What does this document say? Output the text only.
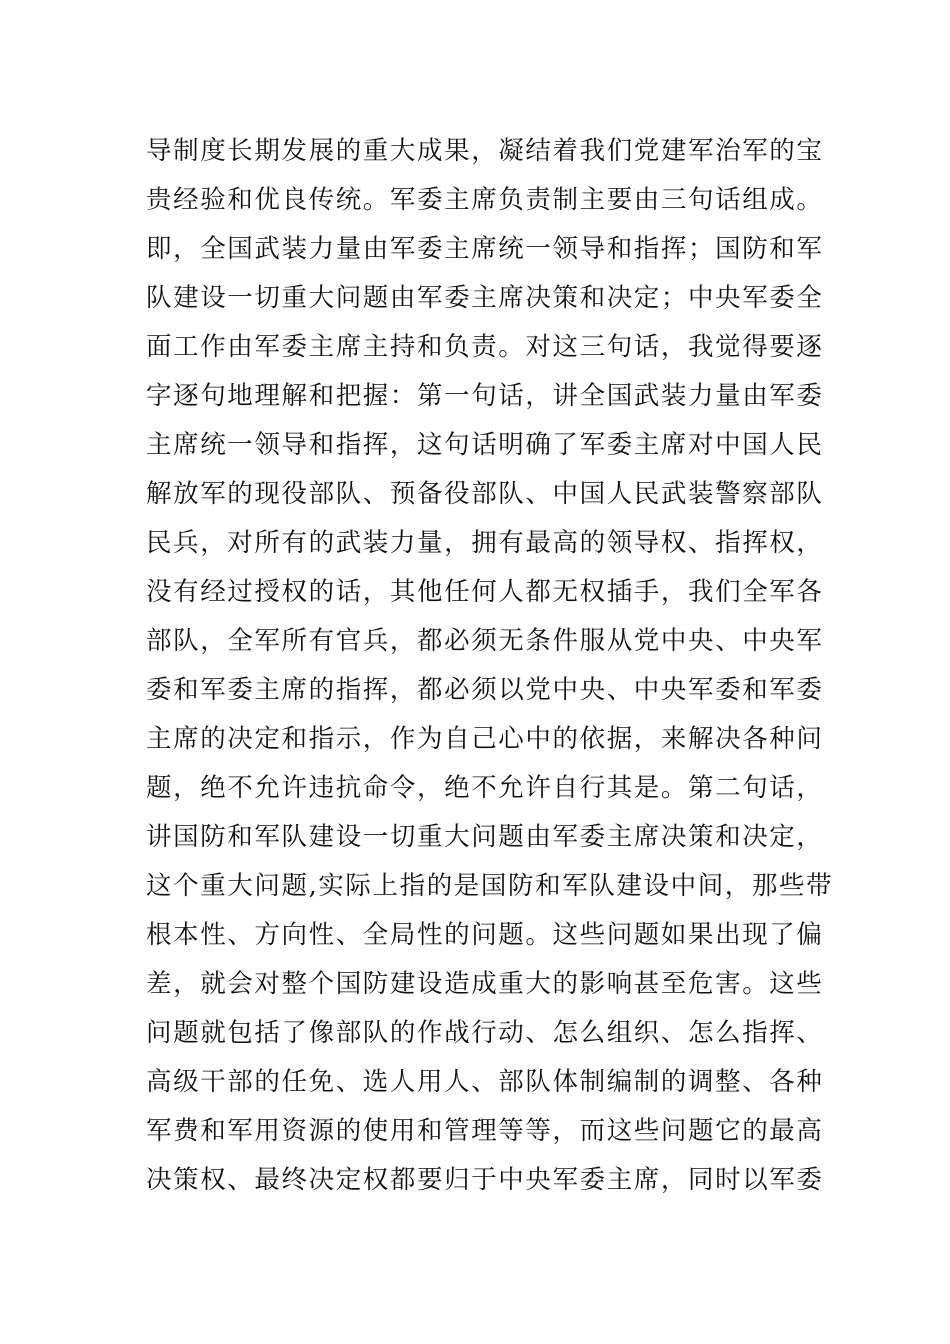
导制度长期发展的重大成果，凝结着我们党建军治军的宝
贵经验和优良传统。军委主席负责制主要由三句话组成。
即，全国武装力量由军委主席统一领导和指挥；国防和军
队建设一切重大问题由军委主席决策和决定；中央军委全
面工作由军委主席主持和负责。对这三句话，我觉得要逐
字逐句地理解和把握：第一句话，讲全国武装力量由军委
主席统一领导和指挥，这句话明确了军委主席对中国人民
解放军的现役部队、预备役部队、中国人民武装警察部队
民兵，对所有的武装力量，拥有最高的领导权、指挥权，
没有经过授权的话，其他任何人都无权插手，我们全军各
部队，全军所有官兵，都必须无条件服从党中央、中央军
委和军委主席的指挥，都必须以党中央、中央军委和军委
主席的决定和指示，作为自己心中的依据，来解决各种问
题，绝不允许违抗命令，绝不允许自行其是。第二句话，
讲国防和军队建设一切重大问题由军委主席决策和决定，
这个重大问题,实际上指的是国防和军队建设中间，那些带
根本性、方向性、全局性的问题。这些问题如果出现了偏
差，就会对整个国防建设造成重大的影响甚至危害。这些
问题就包括了像部队的作战行动、怎么组织、怎么指挥、
高级干部的任免、选人用人、部队体制编制的调整、各种
军费和军用资源的使用和管理等等，而这些问题它的最高
决策权、最终决定权都要归于中央军委主席，同时以军委
